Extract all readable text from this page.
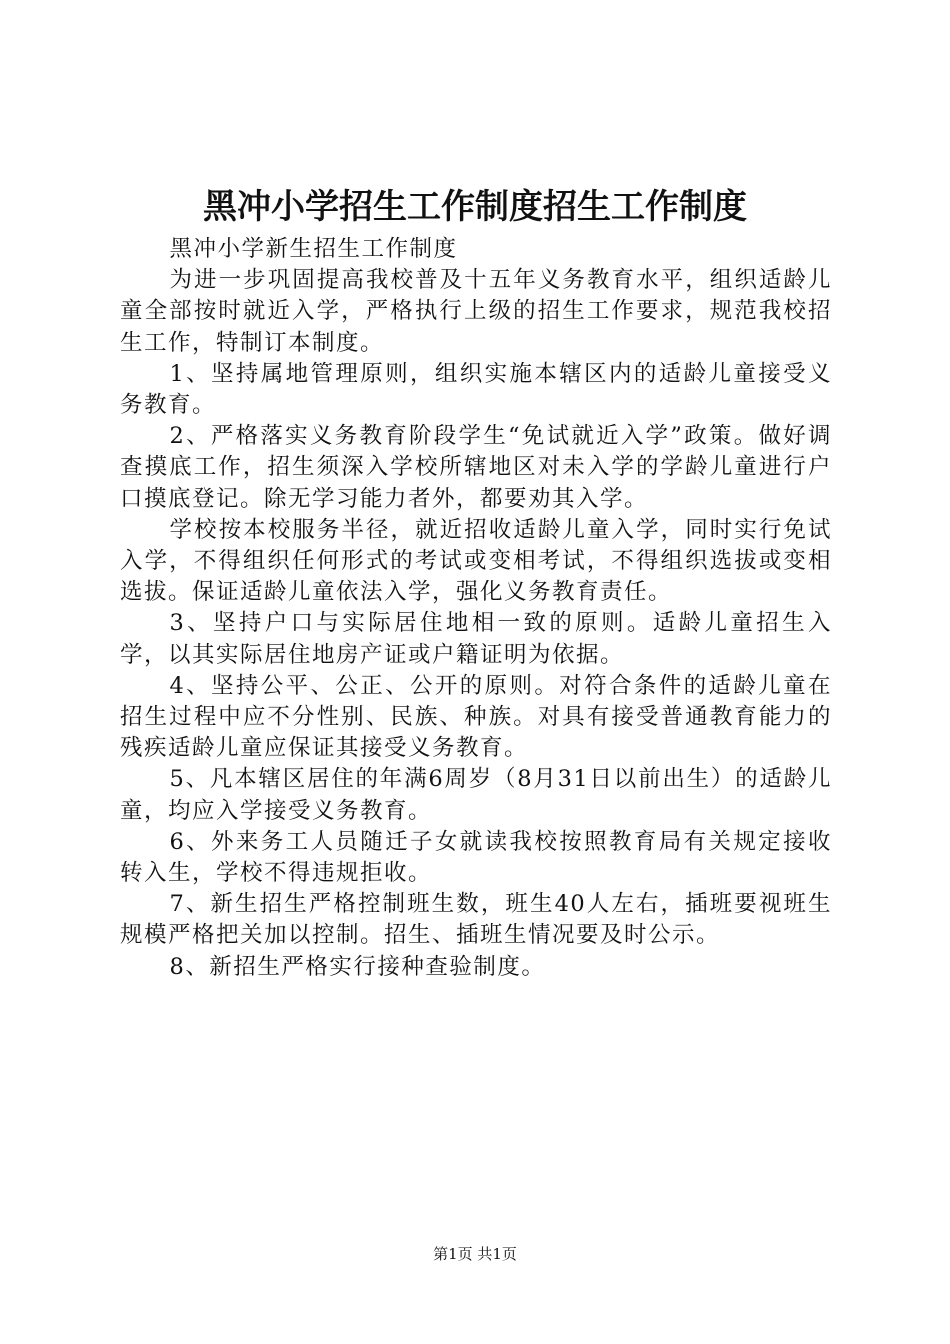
黑冲小学招生工作制度招生工作制度

黑冲小学新生招生工作制度

为进一步巩固提高我校普及十五年义务教育水平，组织适龄儿童全部按时就近入学，严格执行上级的招生工作要求，规范我校招生工作，特制订本制度。

1、坚持属地管理原则，组织实施本辖区内的适龄儿童接受义务教育。

2、严格落实义务教育阶段学生“免试就近入学”政策。做好调查摸底工作，招生须深入学校所辖地区对未入学的学龄儿童进行户口摸底登记。除无学习能力者外，都要劝其入学。

学校按本校服务半径，就近招收适龄儿童入学，同时实行免试入学，不得组织任何形式的考试或变相考试，不得组织选拔或变相选拔。保证适龄儿童依法入学，强化义务教育责任。

3、坚持户口与实际居住地相一致的原则。适龄儿童招生入学，以其实际居住地房产证或户籍证明为依据。

4、坚持公平、公正、公开的原则。对符合条件的适龄儿童在招生过程中应不分性别、民族、种族。对具有接受普通教育能力的残疾适龄儿童应保证其接受义务教育。

5、凡本辖区居住的年满6周岁（8月31日以前出生）的适龄儿童，均应入学接受义务教育。

6、外来务工人员随迁子女就读我校按照教育局有关规定接收转入生，学校不得违规拒收。

7、新生招生严格控制班生数，班生40人左右，插班要视班生规模严格把关加以控制。招生、插班生情况要及时公示。

8、新招生严格实行接种查验制度。

第1页 共1页
